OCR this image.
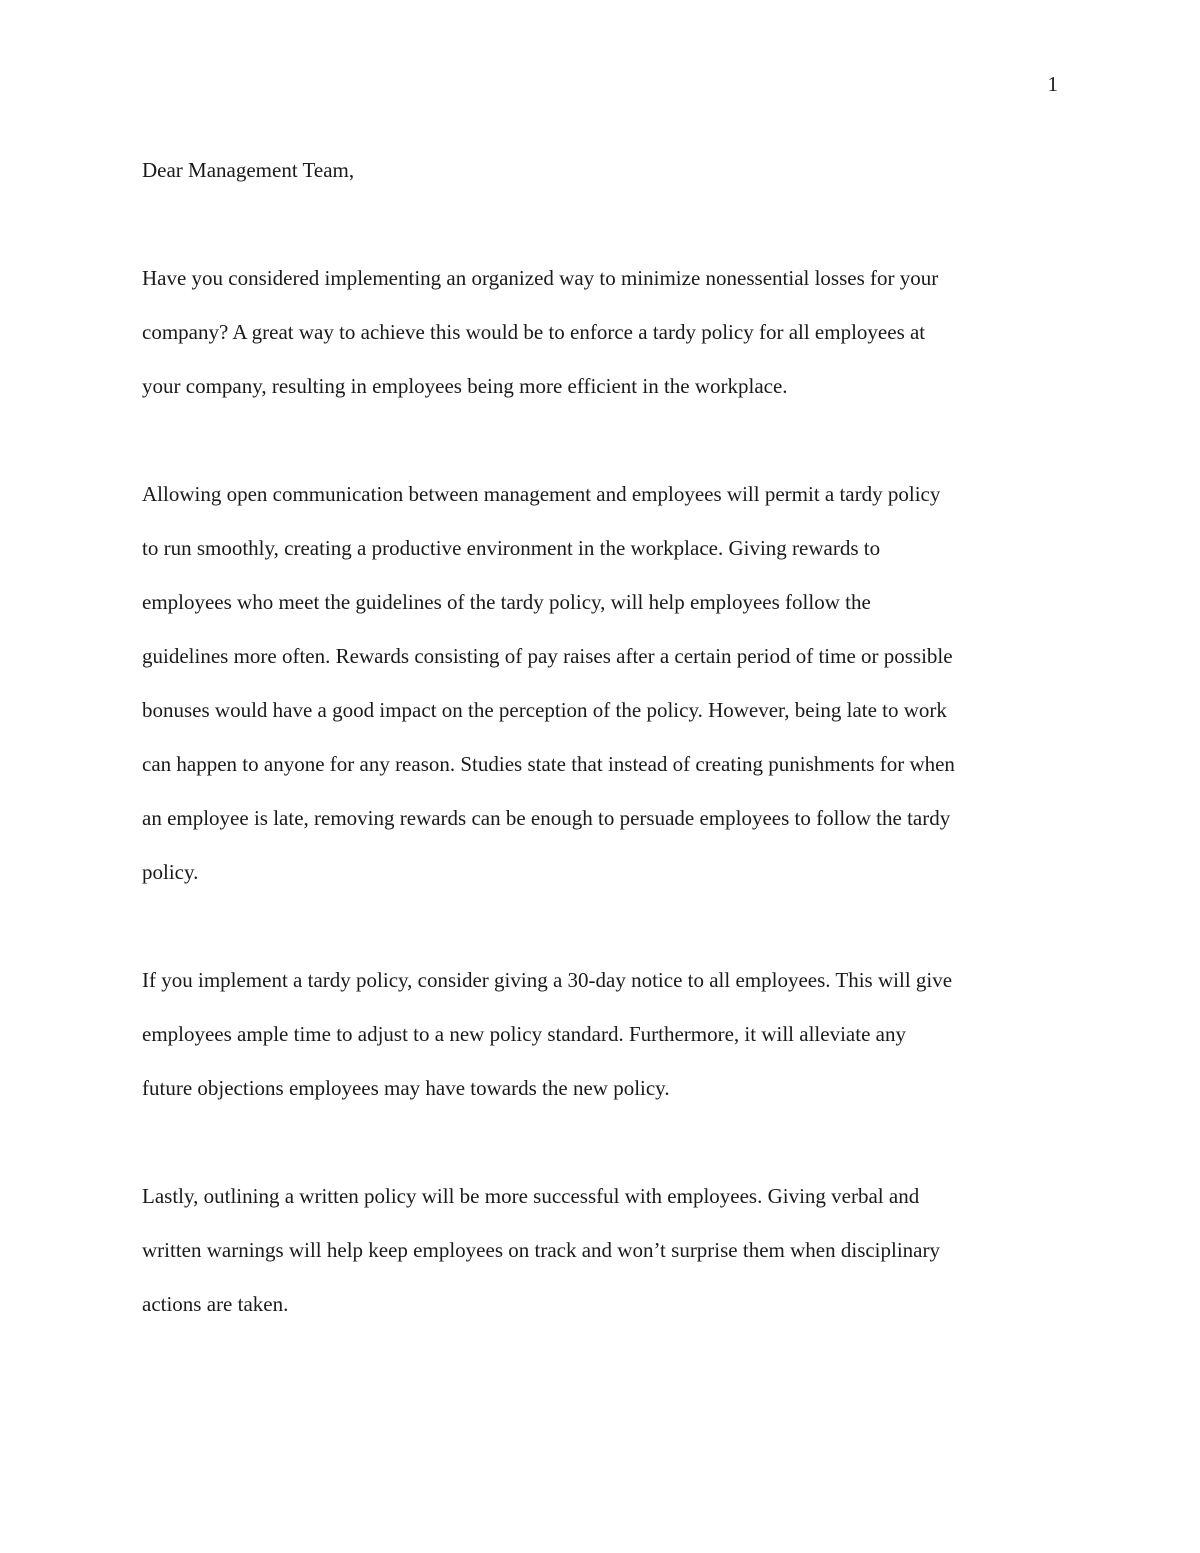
1
Dear Management Team,
Have you considered implementing an organized way to minimize nonessential losses for your
company? A great way to achieve this would be to enforce a tardy policy for all employees at
your company, resulting in employees being more efficient in the workplace.
Allowing open communication between management and employees will permit a tardy policy
to run smoothly, creating a productive environment in the workplace. Giving rewards to
employees who meet the guidelines of the tardy policy, will help employees follow the
guidelines more often. Rewards consisting of pay raises after a certain period of time or possible
bonuses would have a good impact on the perception of the policy. However, being late to work
can happen to anyone for any reason. Studies state that instead of creating punishments for when
an employee is late, removing rewards can be enough to persuade employees to follow the tardy
policy.
If you implement a tardy policy, consider giving a 30-day notice to all employees. This will give
employees ample time to adjust to a new policy standard. Furthermore, it will alleviate any
future objections employees may have towards the new policy.
Lastly, outlining a written policy will be more successful with employees. Giving verbal and
written warnings will help keep employees on track and won’t surprise them when disciplinary
actions are taken.
